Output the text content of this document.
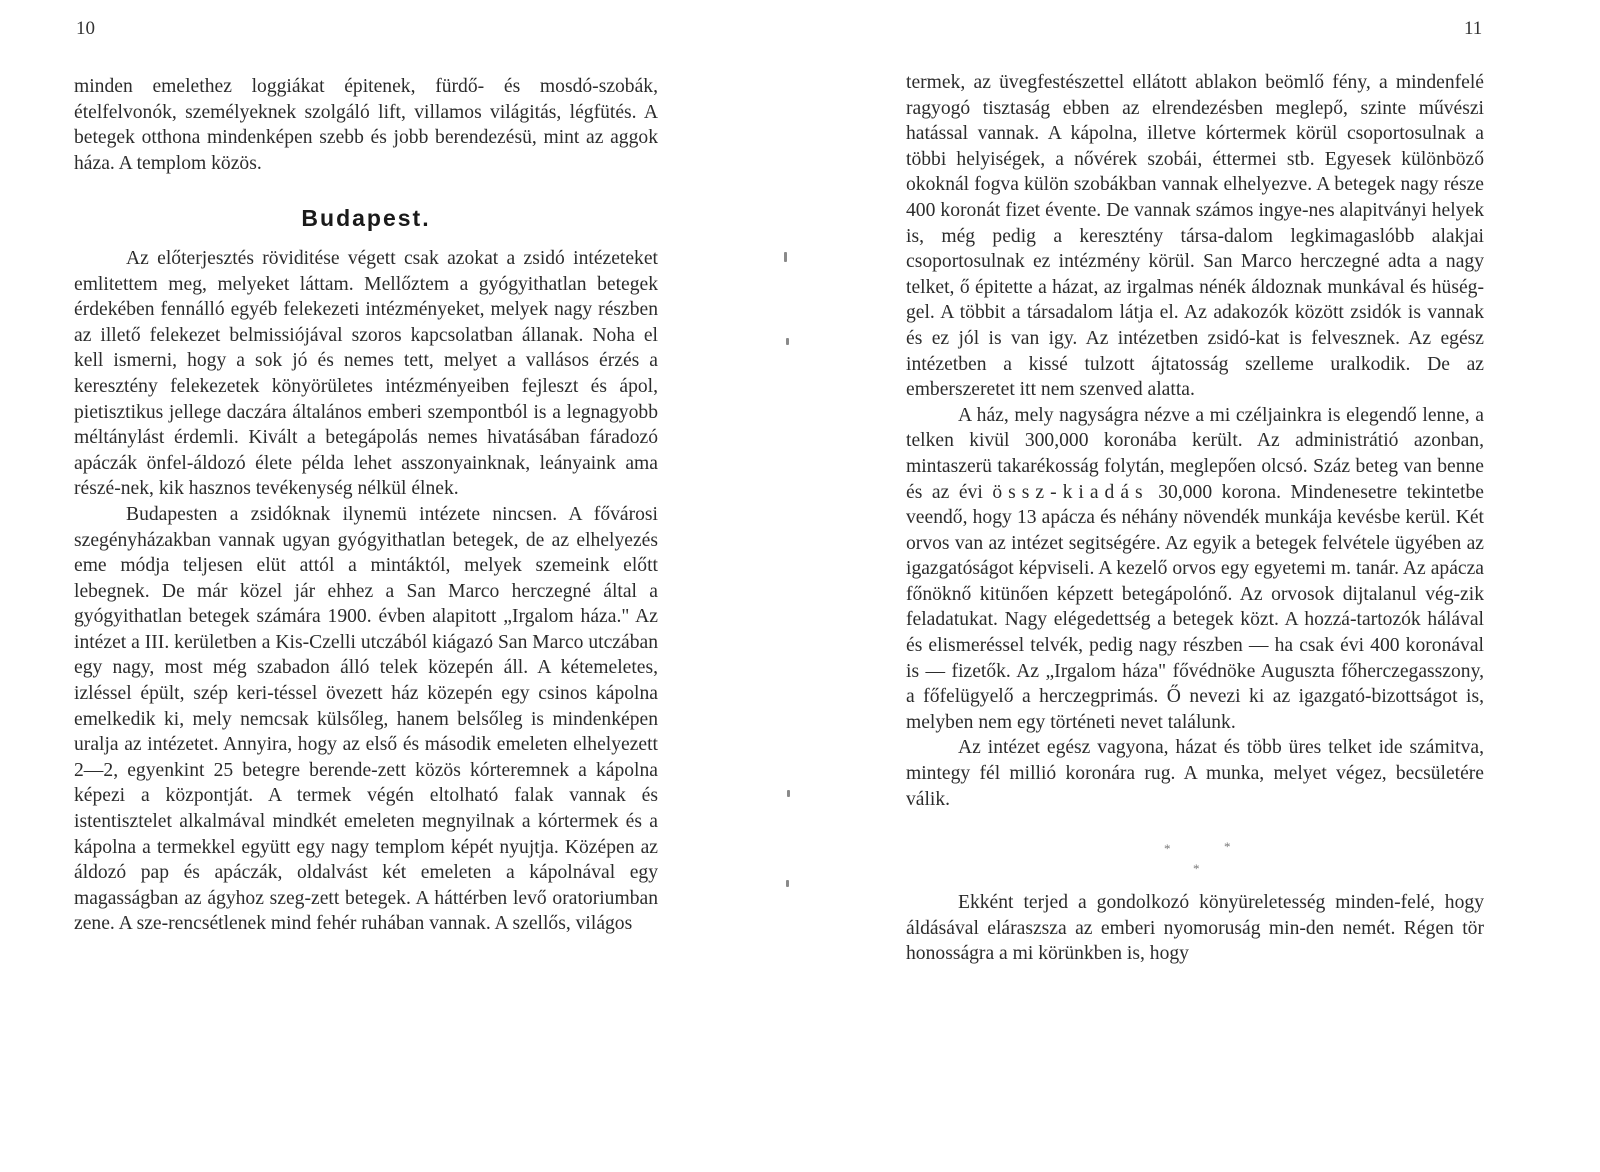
10

minden emelethez loggiákat épitenek, fürdő- és mosdó-szobák, ételfelvonók, személyeknek szolgáló lift, villamos világitás, légfütés. A betegek otthona mindenképen szebb és jobb berendezésü, mint az aggok háza. A templom közös.

Budapest.

Az előterjesztés röviditése végett csak azokat a zsidó intézeteket emlitettem meg, melyeket láttam. Mellőztem a gyógyithatlan betegek érdekében fennálló egyéb felekezeti intézményeket, melyek nagy részben az illető felekezet belmissiójával szoros kapcsolatban állanak. Noha el kell ismerni, hogy a sok jó és nemes tett, melyet a vallásos érzés a keresztény felekezetek könyörületes intézményeiben fejleszt és ápol, pietisztikus jellege daczára általános emberi szempontból is a legnagyobb méltánylást érdemli. Kivált a betegápolás nemes hivatásában fáradozó apáczák önfel-áldozó élete példa lehet asszonyainknak, leányaink ama részé-nek, kik hasznos tevékenység nélkül élnek.

Budapesten a zsidóknak ilynemü intézete nincsen. A fővárosi szegényházakban vannak ugyan gyógyithatlan betegek, de az elhelyezés eme módja teljesen elüt attól a mintáktól, melyek szemeink előtt lebegnek. De már közel jár ehhez a San Marco herczegné által a gyógyithatlan betegek számára 1900. évben alapitott „Irgalom háza." Az intézet a III. kerületben a Kis-Czelli utczából kiágazó San Marco utczában egy nagy, most még szabadon álló telek közepén áll. A kétemeletes, izléssel épült, szép keri-téssel övezett ház közepén egy csinos kápolna emelkedik ki, mely nemcsak külsőleg, hanem belsőleg is mindenképen uralja az intézetet. Annyira, hogy az első és második emeleten elhelyezett 2—2, egyenkint 25 betegre berende-zett közös kórteremnek a kápolna képezi a központját. A termek végén eltolható falak vannak és istentisztelet alkalmával mindkét emeleten megnyilnak a kórtermek és a kápolna a termekkel együtt egy nagy templom képét nyujtja. Középen az áldozó pap és apáczák, oldalvást két emeleten a kápolnával egy magasságban az ágyhoz szeg-zett betegek. A háttérben levő oratoriumban zene. A sze-rencsétlenek mind fehér ruhában vannak. A szellős, világos

11

termek, az üvegfestészettel ellátott ablakon beömlő fény, a mindenfelé ragyogó tisztaság ebben az elrendezésben meglepő, szinte művészi hatással vannak. A kápolna, illetve kórtermek körül csoportosulnak a többi helyiségek, a nővérek szobái, éttermei stb. Egyesek különböző okoknál fogva külön szobákban vannak elhelyezve. A betegek nagy része 400 koronát fizet évente. De vannak számos ingye-nes alapitványi helyek is, még pedig a keresztény társa-dalom legkimagaslóbb alakjai csoportosulnak ez intézmény körül. San Marco herczegné adta a nagy telket, ő épitette a házat, az irgalmas nénék áldoznak munkával és hüség-gel. A többit a társadalom látja el. Az adakozók között zsidók is vannak és ez jól is van igy. Az intézetben zsidó-kat is felvesznek. Az egész intézetben a kissé tulzott ájtatosság szelleme uralkodik. De az emberszeretet itt nem szenved alatta.

A ház, mely nagyságra nézve a mi czéljainkra is elegendő lenne, a telken kivül 300,000 koronába került. Az administrátió azonban, mintaszerü takarékosság folytán, meglepően olcsó. Száz beteg van benne és az évi össz-kiadás 30,000 korona. Mindenesetre tekintetbe veendő, hogy 13 apácza és néhány növendék munkája kevésbe kerül. Két orvos van az intézet segitségére. Az egyik a betegek felvétele ügyében az igazgatóságot képviseli. A kezelő orvos egy egyetemi m. tanár. Az apácza főnöknő kitünően képzett betegápolónő. Az orvosok dijtalanul vég-zik feladatukat. Nagy elégedettség a betegek közt. A hozzá-tartozók hálával és elismeréssel telvék, pedig nagy részben — ha csak évi 400 koronával is — fizetők. Az „Irgalom háza" fővédnöke Auguszta főherczegasszony, a főfelügyelő a herczegprimás. Ő nevezi ki az igazgató-bizottságot is, melyben nem egy történeti nevet találunk.

Az intézet egész vagyona, házat és több üres telket ide számitva, mintegy fél millió koronára rug. A munka, melyet végez, becsületére válik.

*	*
*

Ekként terjed a gondolkozó könyüreletesség minden-felé, hogy áldásával eláraszsza az emberi nyomoruság min-den nemét. Régen tör honosságra a mi körünkben is, hogy
